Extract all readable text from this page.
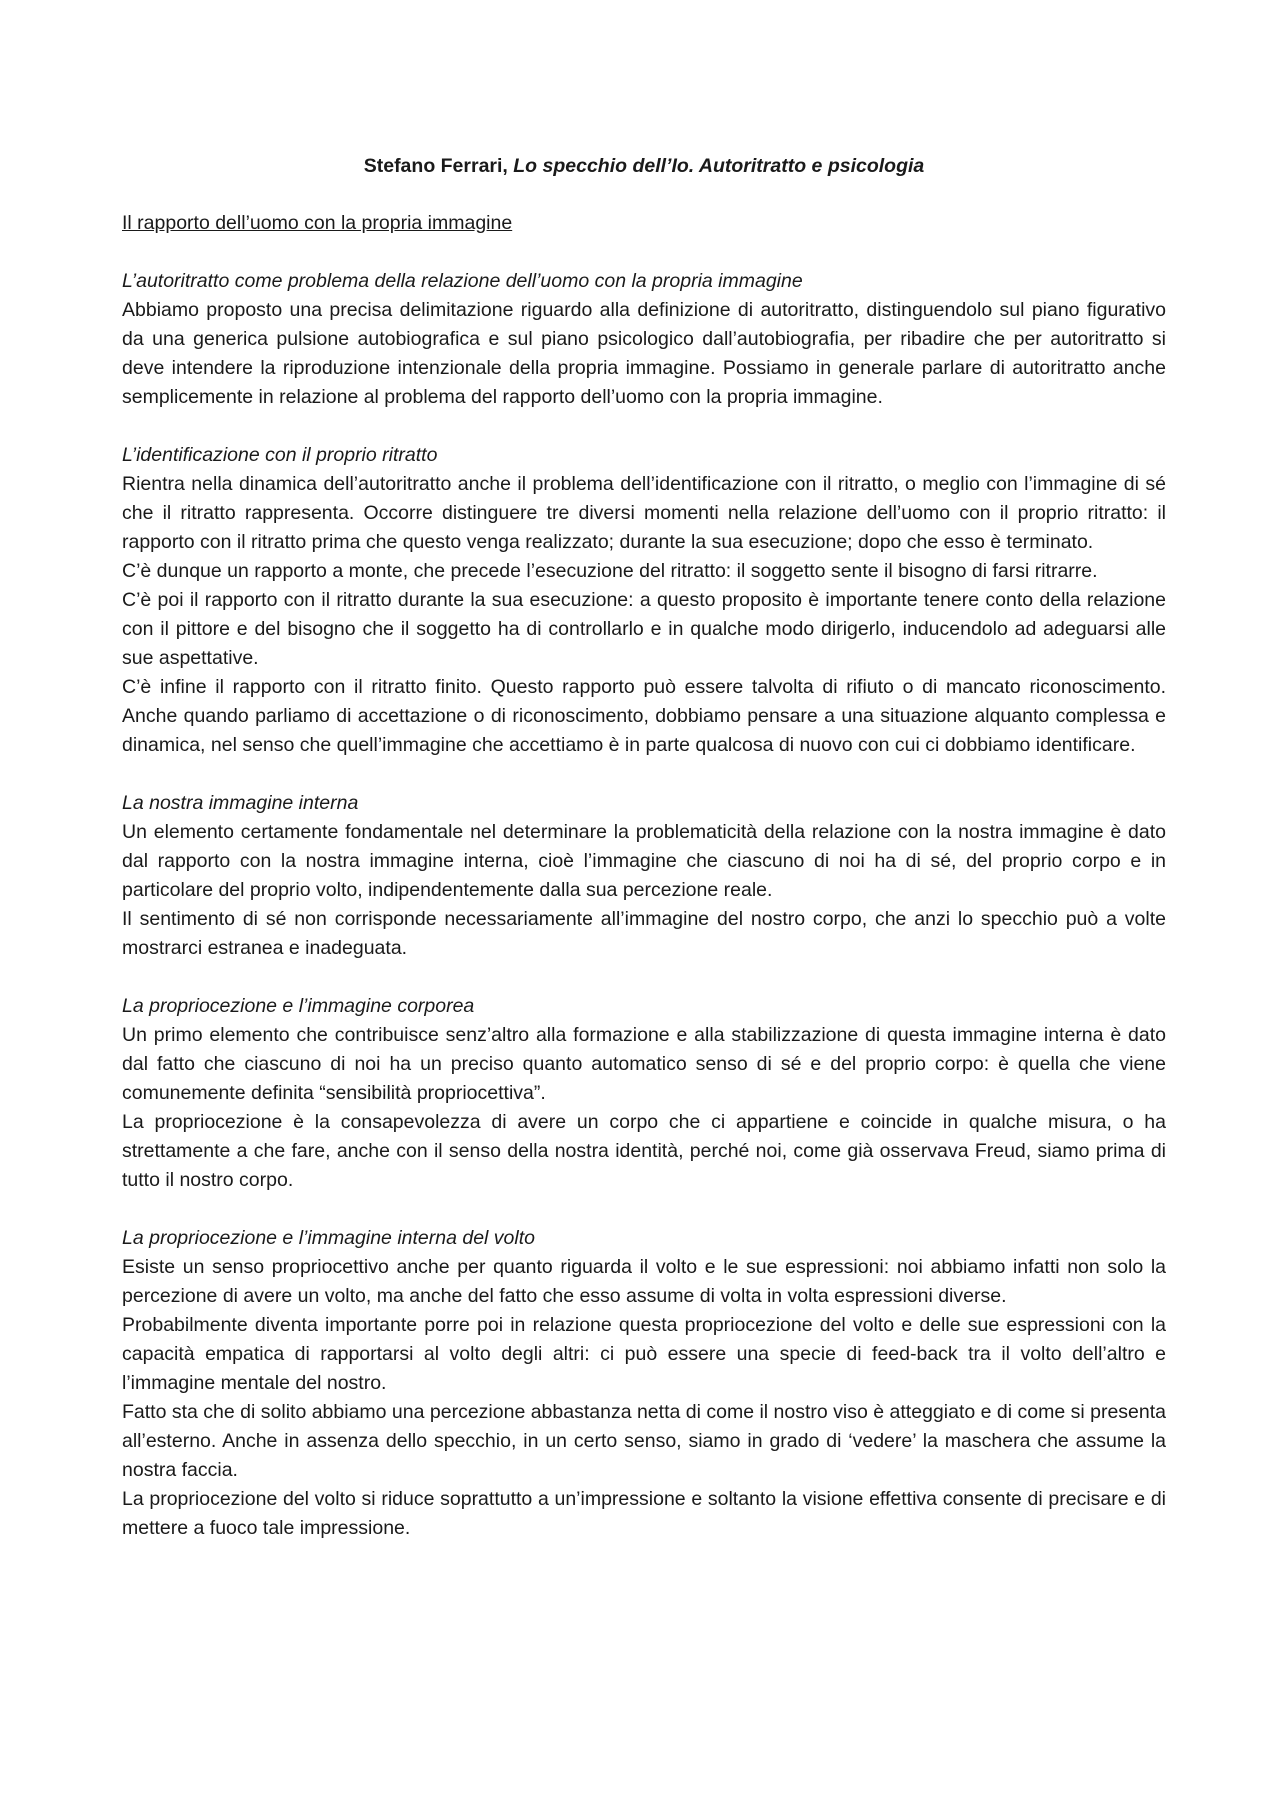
Stefano Ferrari, Lo specchio dell’Io. Autoritratto e psicologia
Il rapporto dell’uomo con la propria immagine

L’autoritratto come problema della relazione dell’uomo con la propria immagine

Abbiamo proposto una precisa delimitazione riguardo alla definizione di autoritratto, distinguendolo sul piano figurativo da una generica pulsione autobiografica e sul piano psicologico dall’autobiografia, per ribadire che per autoritratto si deve intendere la riproduzione intenzionale della propria immagine. Possiamo in generale parlare di autoritratto anche semplicemente in relazione al problema del rapporto dell’uomo con la propria immagine.

L’identificazione con il proprio ritratto

Rientra nella dinamica dell’autoritratto anche il problema dell’identificazione con il ritratto, o meglio con l’immagine di sé che il ritratto rappresenta. Occorre distinguere tre diversi momenti nella relazione dell’uomo con il proprio ritratto: il rapporto con il ritratto prima che questo venga realizzato; durante la sua esecuzione; dopo che esso è terminato.

C’è dunque un rapporto a monte, che precede l’esecuzione del ritratto: il soggetto sente il bisogno di farsi ritrarre.

C’è poi il rapporto con il ritratto durante la sua esecuzione: a questo proposito è importante tenere conto della relazione con il pittore e del bisogno che il soggetto ha di controllarlo e in qualche modo dirigerlo, inducendolo ad adeguarsi alle sue aspettative.

C’è infine il rapporto con il ritratto finito. Questo rapporto può essere talvolta di rifiuto o di mancato riconoscimento. Anche quando parliamo di accettazione o di riconoscimento, dobbiamo pensare a una situazione alquanto complessa e dinamica, nel senso che quell’immagine che accettiamo è in parte qualcosa di nuovo con cui ci dobbiamo identificare.

La nostra immagine interna

Un elemento certamente fondamentale nel determinare la problematicità della relazione con la nostra immagine è dato dal rapporto con la nostra immagine interna, cioè l’immagine che ciascuno di noi ha di sé, del proprio corpo e in particolare del proprio volto, indipendentemente dalla sua percezione reale.

Il sentimento di sé non corrisponde necessariamente all’immagine del nostro corpo, che anzi lo specchio può a volte mostrarci estranea e inadeguata.

La propriocezione e l’immagine corporea

Un primo elemento che contribuisce senz’altro alla formazione e alla stabilizzazione di questa immagine interna è dato dal fatto che ciascuno di noi ha un preciso quanto automatico senso di sé e del proprio corpo: è quella che viene comunemente definita “sensibilità propriocettiva”.

La propriocezione è la consapevolezza di avere un corpo che ci appartiene e coincide in qualche misura, o ha strettamente a che fare, anche con il senso della nostra identità, perché noi, come già osservava Freud, siamo prima di tutto il nostro corpo.

La propriocezione e l’immagine interna del volto

Esiste un senso propriocettivo anche per quanto riguarda il volto e le sue espressioni: noi abbiamo infatti non solo la percezione di avere un volto, ma anche del fatto che esso assume di volta in volta espressioni diverse.

Probabilmente diventa importante porre poi in relazione questa propriocezione del volto e delle sue espressioni con la capacità empatica di rapportarsi al volto degli altri: ci può essere una specie di feed-back tra il volto dell’altro e l’immagine mentale del nostro.

Fatto sta che di solito abbiamo una percezione abbastanza netta di come il nostro viso è atteggiato e di come si presenta all’esterno. Anche in assenza dello specchio, in un certo senso, siamo in grado di ‘vedere’ la maschera che assume la nostra faccia.

La propriocezione del volto si riduce soprattutto a un’impressione e soltanto la visione effettiva consente di precisare e di mettere a fuoco tale impressione.
